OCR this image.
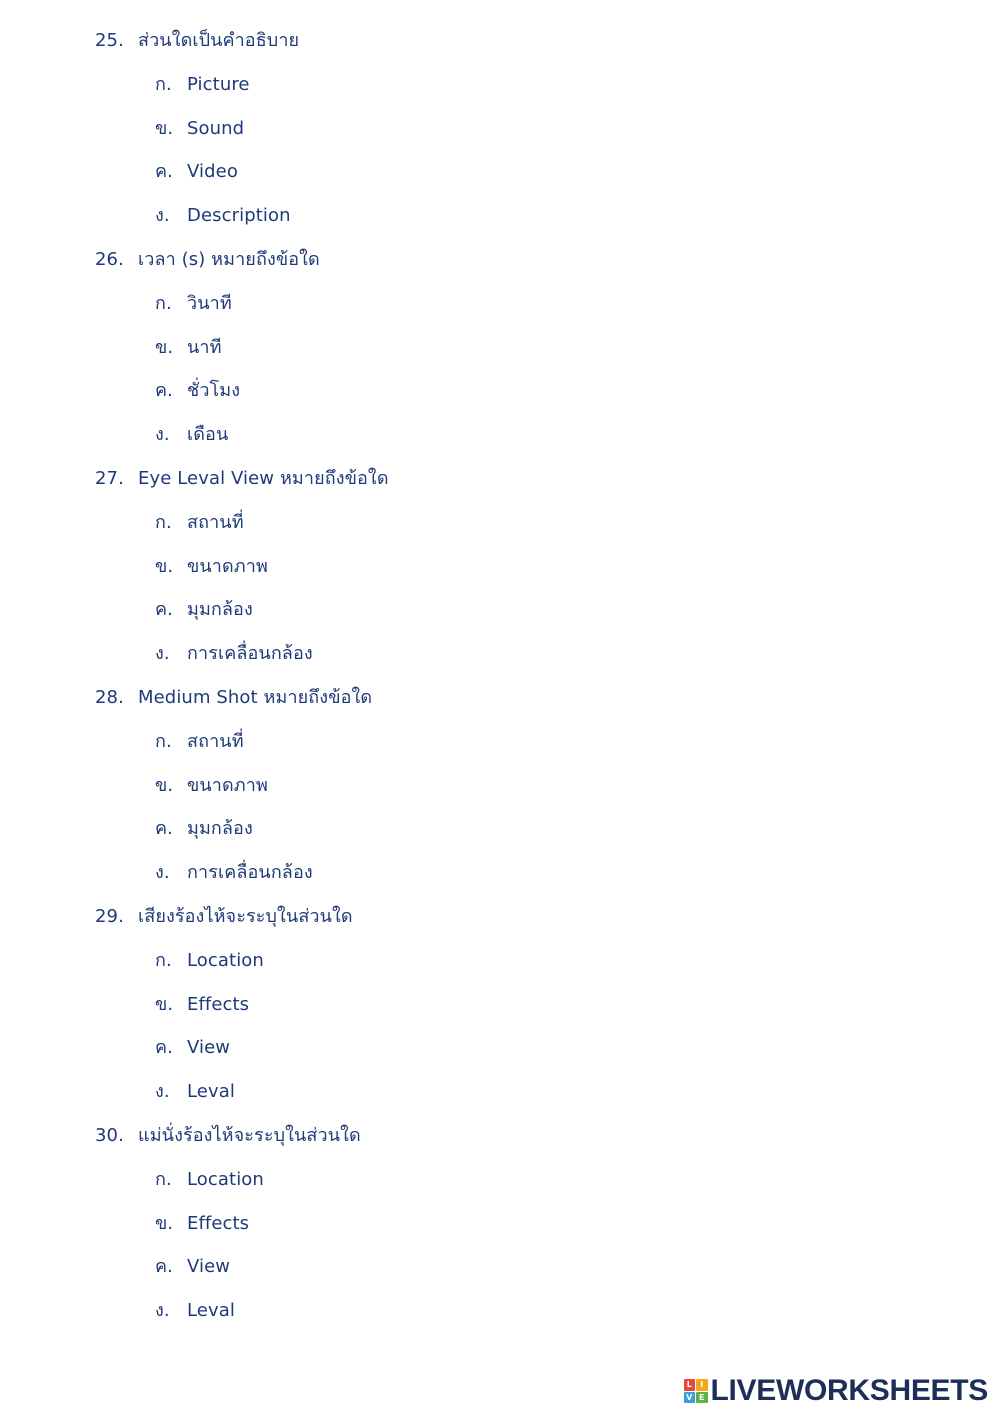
25. ส่วนใดเป็นคำอธิบาย
ก. Picture
ข. Sound
ค. Video
ง. Description
26. เวลา (s) หมายถึงข้อใด
ก. วินาที
ข. นาที
ค. ชั่วโมง
ง. เดือน
27. Eye Leval View หมายถึงข้อใด
ก. สถานที่
ข. ขนาดภาพ
ค. มุมกล้อง
ง. การเคลื่อนกล้อง
28. Medium Shot หมายถึงข้อใด
ก. สถานที่
ข. ขนาดภาพ
ค. มุมกล้อง
ง. การเคลื่อนกล้อง
29. เสียงร้องไห้จะระบุในส่วนใด
ก. Location
ข. Effects
ค. View
ง. Leval
30. แม่นั่งร้องไห้จะระบุในส่วนใด
ก. Location
ข. Effects
ค. View
ง. Leval
L	I
V E LIVEWORKSHEETS
